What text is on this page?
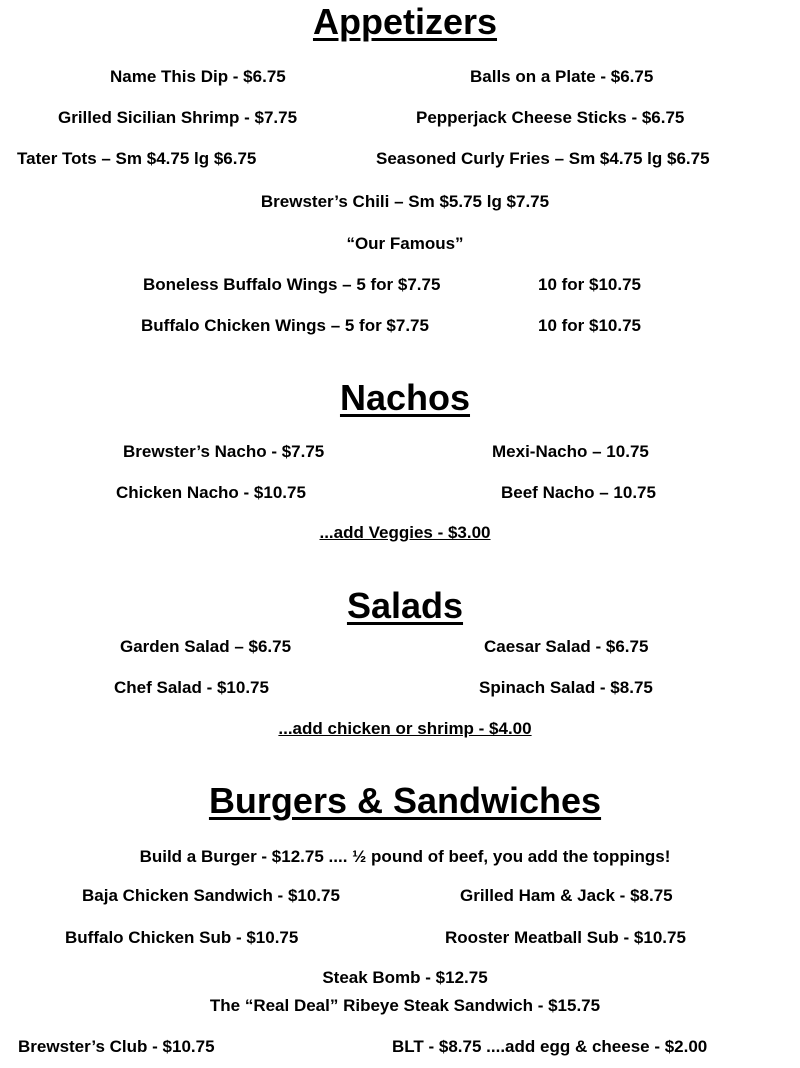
Appetizers
Name This Dip - $6.75	Balls on a Plate - $6.75
Grilled Sicilian Shrimp - $7.75	Pepperjack Cheese Sticks - $6.75
Tater Tots – Sm $4.75 lg $6.75	Seasoned Curly Fries – Sm $4.75 lg $6.75
Brewster’s Chili – Sm $5.75 lg $7.75
“Our Famous”
Boneless Buffalo Wings – 5 for $7.75	10 for $10.75
Buffalo Chicken Wings – 5 for $7.75	10 for $10.75
Nachos
Brewster’s Nacho - $7.75	Mexi-Nacho – 10.75
Chicken Nacho - $10.75	Beef Nacho – 10.75
...add Veggies - $3.00
Salads
Garden Salad – $6.75	Caesar Salad - $6.75
Chef Salad - $10.75	Spinach Salad - $8.75
...add chicken or shrimp - $4.00
Burgers & Sandwiches
Build a Burger - $12.75 .... ½ pound of beef, you add the toppings!
Baja Chicken Sandwich - $10.75	Grilled Ham & Jack - $8.75
Buffalo Chicken Sub - $10.75	Rooster Meatball Sub - $10.75
Steak Bomb - $12.75
The “Real Deal” Ribeye Steak Sandwich - $15.75
Brewster’s Club - $10.75	BLT - $8.75 ....add egg & cheese - $2.00
